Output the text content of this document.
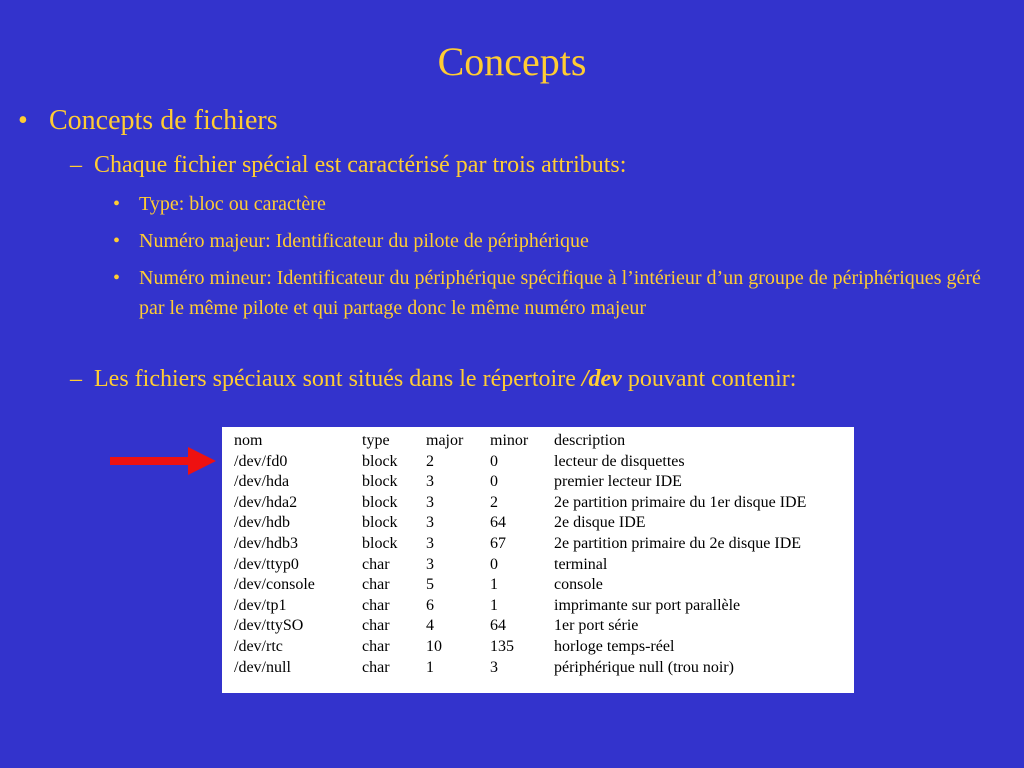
Concepts
• Concepts de fichiers
– Chaque fichier spécial est caractérisé par trois attributs:
• Type: bloc ou caractère
• Numéro majeur: Identificateur du pilote de périphérique
• Numéro mineur: Identificateur du périphérique spécifique à l’intérieur d’un groupe de périphériques géré par le même pilote et qui partage donc le même numéro majeur
– Les fichiers spéciaux sont situés dans le répertoire /dev pouvant contenir:
nom	type	major	minor	description
/dev/fd0	block	2	0	lecteur de disquettes
/dev/hda	block	3	0	premier lecteur IDE
/dev/hda2	block	3	2	2e partition primaire du 1er disque IDE
/dev/hdb	block	3	64	2e disque IDE
/dev/hdb3	block	3	67	2e partition primaire du 2e disque IDE
/dev/ttyp0	char	3	0	terminal
/dev/console	char	5	1	console
/dev/tp1	char	6	1	imprimante sur port parallèle
/dev/ttySO	char	4	64	1er port série
/dev/rtc	char	10	135	horloge temps-réel
/dev/null	char	1	3	périphérique null (trou noir)
